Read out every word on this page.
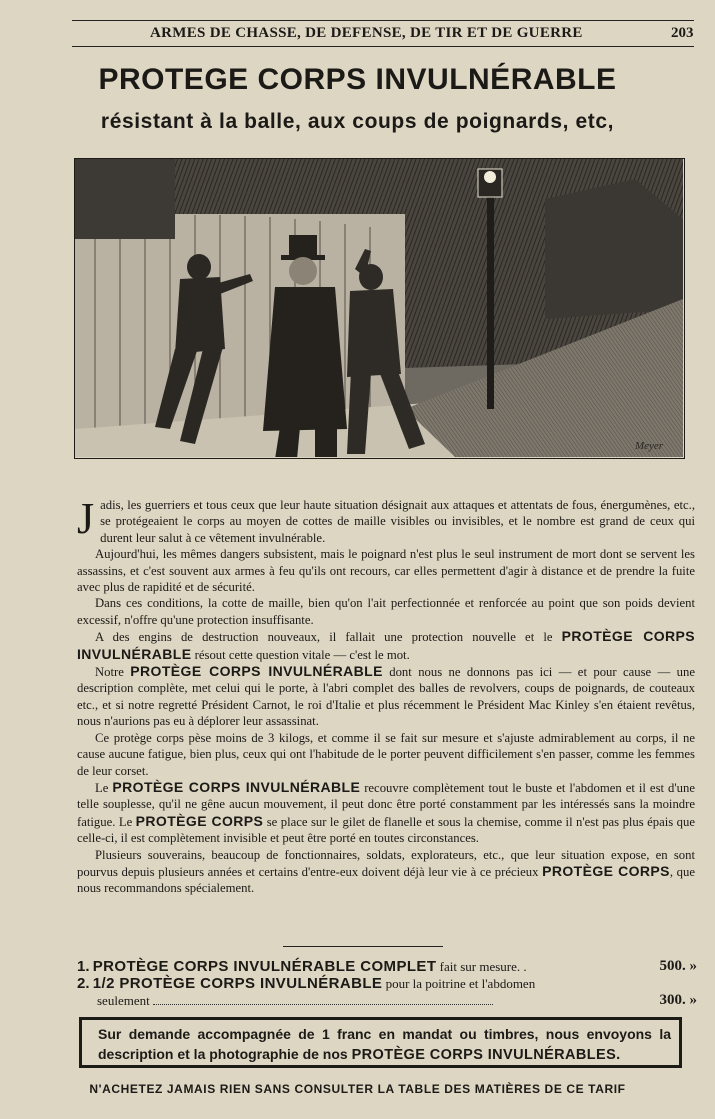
ARMES DE CHASSE, DE DEFENSE, DE TIR ET DE GUERRE	203
PROTEGE CORPS INVULNÉRABLE
résistant à la balle, aux coups de poignards, etc,
Meyer

Jadis, les guerriers et tous ceux que leur haute situation désignait aux attaques et attentats de fous, énergumènes, etc., se protégeaient le corps au moyen de cottes de maille visibles ou invisibles, et le nombre est grand de ceux qui durent leur salut à ce vêtement invulnérable.

Aujourd'hui, les mêmes dangers subsistent, mais le poignard n'est plus le seul instrument de mort dont se servent les assassins, et c'est souvent aux armes à feu qu'ils ont recours, car elles permettent d'agir à distance et de prendre la fuite avec plus de rapidité et de sécurité.

Dans ces conditions, la cotte de maille, bien qu'on l'ait perfectionnée et renforcée au point que son poids devient excessif, n'offre qu'une protection insuffisante.

A des engins de destruction nouveaux, il fallait une protection nouvelle et le PROTÈGE CORPS INVULNÉRABLE résout cette question vitale — c'est le mot.

Notre PROTÈGE CORPS INVULNÉRABLE dont nous ne donnons pas ici — et pour cause — une description complète, met celui qui le porte, à l'abri complet des balles de revolvers, coups de poignards, de couteaux etc., et si notre regretté Président Carnot, le roi d'Italie et plus récemment le Président Mac Kinley s'en étaient revêtus, nous n'aurions pas eu à déplorer leur assassinat.

Ce protège corps pèse moins de 3 kilogs, et comme il se fait sur mesure et s'ajuste admirablement au corps, il ne cause aucune fatigue, bien plus, ceux qui ont l'habitude de le porter peuvent difficilement s'en passer, comme les femmes de leur corset.

Le PROTÈGE CORPS INVULNÉRABLE recouvre complètement tout le buste et l'abdomen et il est d'une telle souplesse, qu'il ne gêne aucun mouvement, il peut donc être porté constamment par les intéressés sans la moindre fatigue. Le PROTÈGE CORPS se place sur le gilet de flanelle et sous la chemise, comme il n'est pas plus épais que celle-ci, il est complètement invisible et peut être porté en toutes circonstances.

Plusieurs souverains, beaucoup de fonctionnaires, soldats, explorateurs, etc., que leur situation expose, en sont pourvus depuis plusieurs années et certains d'entre-eux doivent déjà leur vie à ce précieux PROTÈGE CORPS, que nous recommandons spécialement.

1. PROTÈGE CORPS INVULNÉRABLE COMPLET fait sur mesure. .	500. »
2. 1/2 PROTÈGE CORPS INVULNÉRABLE pour la poitrine et l'abdomen
seulement	300. »
Sur demande accompagnée de 1 franc en mandat ou timbres, nous envoyons la description et la photographie de nos PROTÈGE CORPS INVULNÉRABLES.
N'ACHETEZ JAMAIS RIEN SANS CONSULTER LA TABLE DES MATIÈRES DE CE TARIF
